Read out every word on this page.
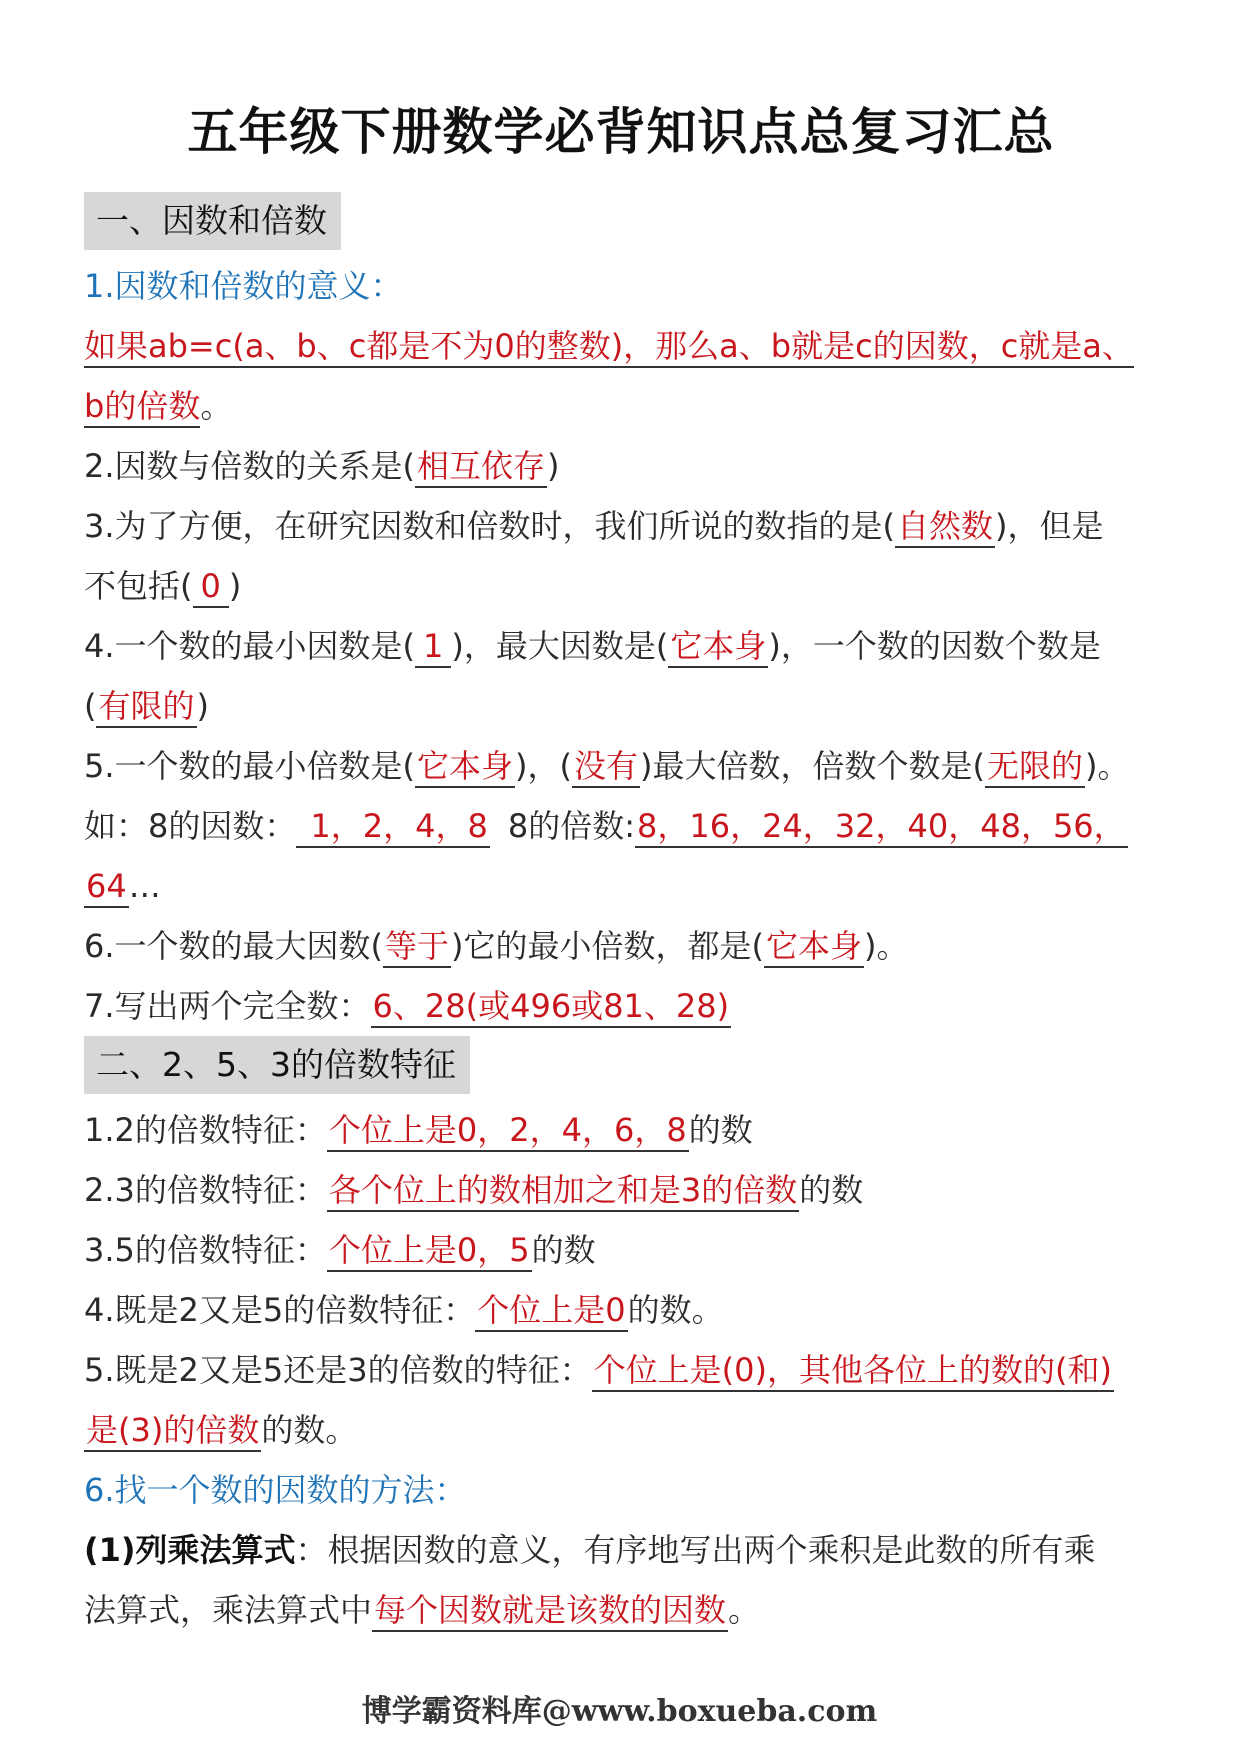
五年级下册数学必背知识点总复习汇总
一、因数和倍数
1.因数和倍数的意义：
如果ab=c(a、b、c都是不为0的整数)，那么a、b就是c的因数，c就是a、
b的倍数。
2.因数与倍数的关系是(相互依存)
3.为了方便，在研究因数和倍数时，我们所说的数指的是(自然数)，但是
不包括( 0 )
4.一个数的最小因数是( 1 )，最大因数是(它本身)，一个数的因数个数是
(有限的)
5.一个数的最小倍数是(它本身)，(没有)最大倍数，倍数个数是(无限的)。
如：8的因数： 1，2，4，8 8的倍数:8，16，24，32，40，48，56，
64…
6.一个数的最大因数(等于)它的最小倍数，都是(它本身)。
7.写出两个完全数：6、28(或496或81、28)
二、2、5、3的倍数特征
1.2的倍数特征：个位上是0，2，4，6，8的数
2.3的倍数特征：各个位上的数相加之和是3的倍数的数
3.5的倍数特征：个位上是0，5的数
4.既是2又是5的倍数特征：个位上是0的数。
5.既是2又是5还是3的倍数的特征：个位上是(0)，其他各位上的数的(和)
是(3)的倍数的数。
6.找一个数的因数的方法：
(1)列乘法算式：根据因数的意义，有序地写出两个乘积是此数的所有乘
法算式，乘法算式中每个因数就是该数的因数。
博学霸资料库@www.boxueba.com
